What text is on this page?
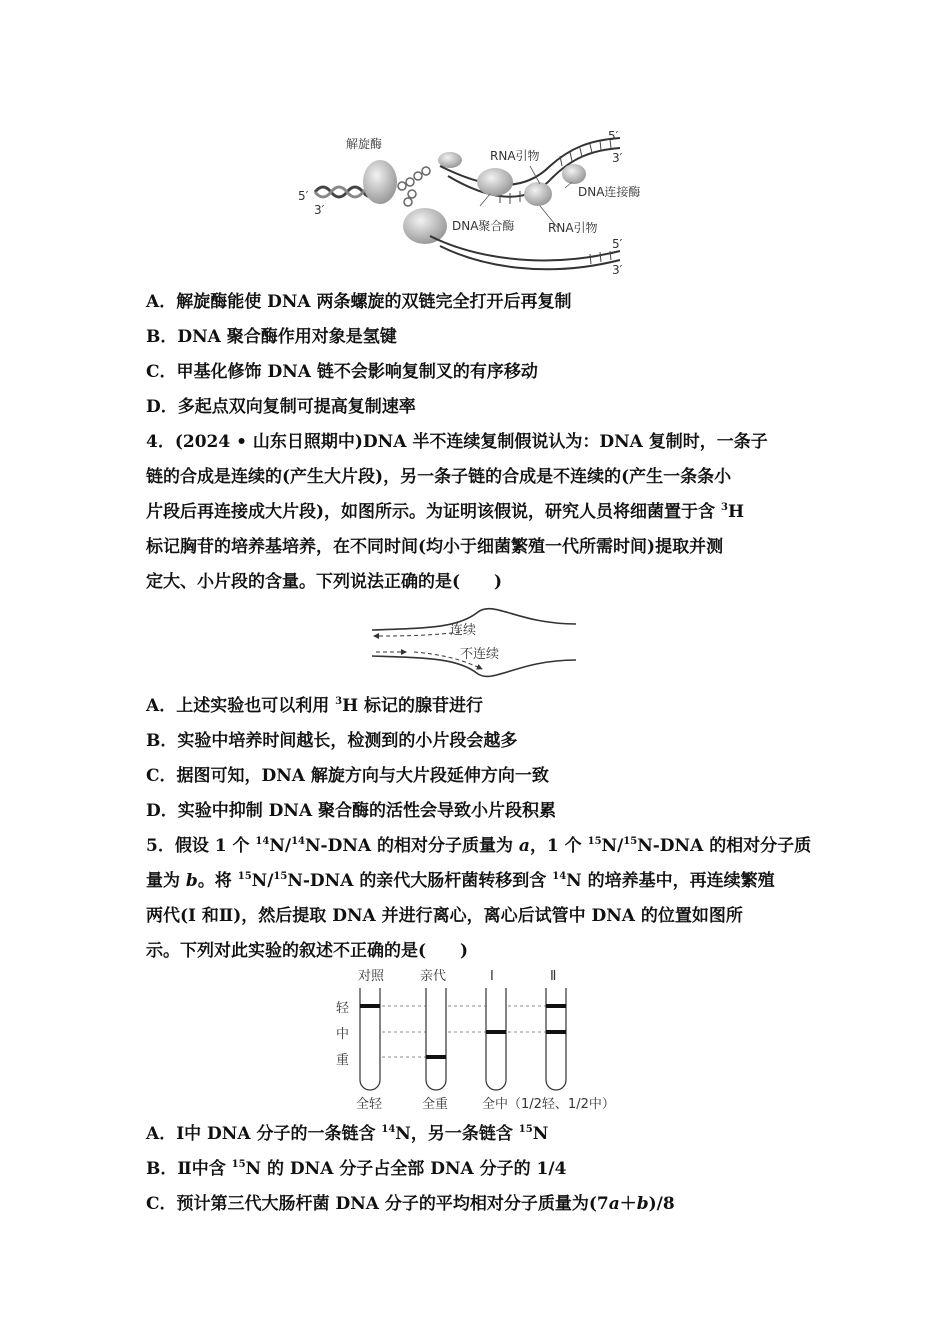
解旋酶
RNA引物
DNA连接酶
DNA聚合酶	RNA引物
5′
3′
5′
3′
5′
3′
A．解旋酶能使 DNA 两条螺旋的双链完全打开后再复制
B．DNA 聚合酶作用对象是氢键
C．甲基化修饰 DNA 链不会影响复制叉的有序移动
D．多起点双向复制可提高复制速率
4．(2024 • 山东日照期中)DNA 半不连续复制假说认为：DNA 复制时，一条子
链的合成是连续的(产生大片段)，另一条子链的合成是不连续的(产生一条条小
片段后再连接成大片段)，如图所示。为证明该假说，研究人员将细菌置于含 $^3$H
标记胸苷的培养基培养，在不同时间(均小于细菌繁殖一代所需时间)提取并测
定大、小片段的含量。下列说法正确的是(　　)
连续
不连续
A．上述实验也可以利用 $^3$H 标记的腺苷进行
B．实验中培养时间越长，检测到的小片段会越多
C．据图可知，DNA 解旋方向与大片段延伸方向一致
D．实验中抑制 DNA 聚合酶的活性会导致小片段积累
5．假设 1 个 $^{14}$N/$^{14}$N-DNA 的相对分子质量为 a，1 个 $^{15}$N/$^{15}$N-DNA 的相对分子质
量为 b。将 $^{15}$N/$^{15}$N-DNA 的亲代大肠杆菌转移到含 $^{14}$N 的培养基中，再连续繁殖
两代(Ⅰ 和Ⅱ)，然后提取 DNA 并进行离心，离心后试管中 DNA 的位置如图所
示。下列对此实验的叙述不正确的是(　　)
对照	亲代	Ⅰ	Ⅱ
轻
中
重
全轻	全重	全中（1/2轻、1/2中）
A．Ⅰ中 DNA 分子的一条链含 $^{14}$N，另一条链含 $^{15}$N
B．Ⅱ中含 $^{15}$N 的 DNA 分子占全部 DNA 分子的 1/4
C．预计第三代大肠杆菌 DNA 分子的平均相对分子质量为(7a＋b)/8
